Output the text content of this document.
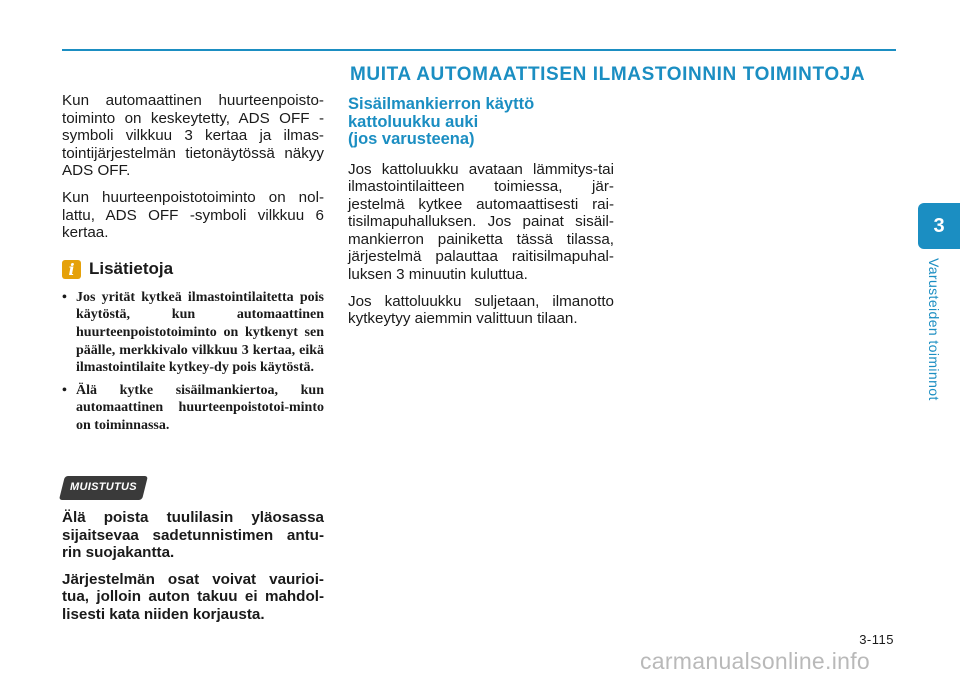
MUITA AUTOMAATTISEN ILMASTOINNIN TOIMINTOJA

Kun automaattinen huurteenpoisto-toiminto on keskeytetty, ADS OFF -symboli vilkkuu 3 kertaa ja ilmas-tointijärjestelmän tietonäytössä näkyy ADS OFF.

Kun huurteenpoistotoiminto on nol-lattu, ADS OFF -symboli vilkkuu 6 kertaa.

i Lisätietoja
• Jos yrität kytkeä ilmastointilaitetta pois käytöstä, kun automaattinen huurteenpoistotoiminto on kytkenyt sen päälle, merkkivalo vilkkuu 3 kertaa, eikä ilmastointilaite kytkey-dy pois käytöstä.
• Älä kytke sisäilmankiertoa, kun automaattinen huurteenpoistotoi-minto on toiminnassa.
MUISTUTUS

Älä poista tuulilasin yläosassa sijaitsevaa sadetunnistimen antu-rin suojakantta.

Järjestelmän osat voivat vaurioi-tua, jolloin auton takuu ei mahdol-lisesti kata niiden korjausta.

Sisäilmankierron käyttö
kattoluukku auki
(jos varusteena)

Jos kattoluukku avataan lämmitys-tai ilmastointilaitteen toimiessa, jär-jestelmä kytkee automaattisesti rai-tisilmapuhalluksen. Jos painat sisäil-mankierron painiketta tässä tilassa, järjestelmä palauttaa raitisilmapuhal-luksen 3 minuutin kuluttua.

Jos kattoluukku suljetaan, ilmanotto kytkeytyy aiemmin valittuun tilaan.

3
Varusteiden toiminnot
3-115
carmanualsonline.info
